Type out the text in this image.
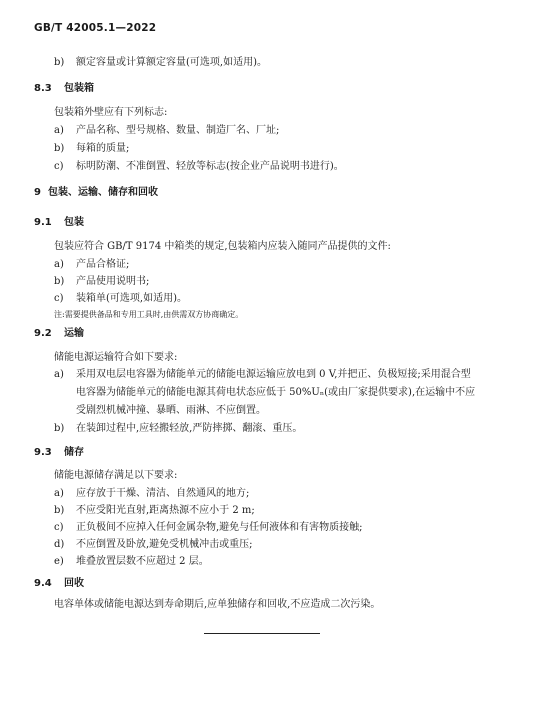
GB/T 42005.1—2022
b) 额定容量或计算额定容量(可选项,如适用)。
8.3 包装箱
包装箱外壁应有下列标志:
a) 产品名称、型号规格、数量、制造厂名、厂址;
b) 每箱的质量;
c) 标明防潮、不准倒置、轻放等标志(按企业产品说明书进行)。
9 包装、运输、储存和回收
9.1 包装
包装应符合 GB/T 9174 中箱类的规定,包装箱内应装入随同产品提供的文件:
a) 产品合格证;
b) 产品使用说明书;
c) 装箱单(可选项,如适用)。
注:需要提供备品和专用工具时,由供需双方协商确定。
9.2 运输
储能电源运输符合如下要求:
a) 采用双电层电容器为储能单元的储能电源运输应放电到 0 V,并把正、负极短接;采用混合型
电容器为储能单元的储能电源其荷电状态应低于 50%Uₙ(或由厂家提供要求),在运输中不应
受剧烈机械冲撞、暴晒、雨淋、不应倒置。
b) 在装卸过程中,应轻搬轻放,严防摔掷、翻滚、重压。
9.3 储存
储能电源储存满足以下要求:
a) 应存放于干燥、清洁、自然通风的地方;
b) 不应受阳光直射,距离热源不应小于 2 m;
c) 正负极间不应掉入任何金属杂物,避免与任何液体和有害物质接触;
d) 不应倒置及卧放,避免受机械冲击或重压;
e) 堆叠放置层数不应超过 2 层。
9.4 回收
电容单体或储能电源达到寿命期后,应单独储存和回收,不应造成二次污染。
